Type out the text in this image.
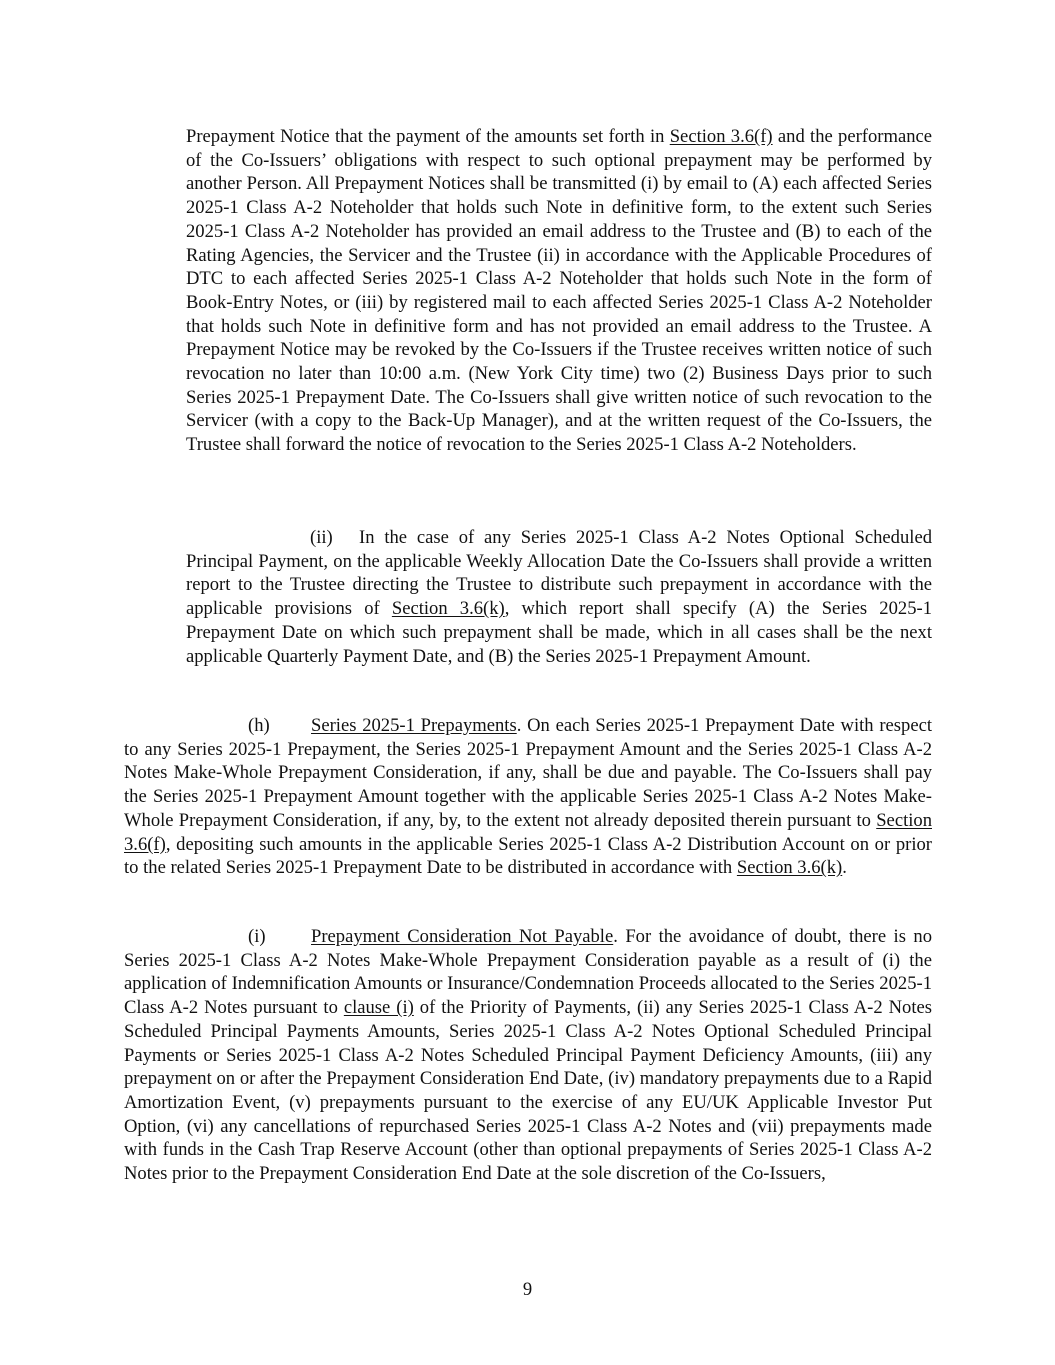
Prepayment Notice that the payment of the amounts set forth in Section 3.6(f) and the performance of the Co-Issuers’ obligations with respect to such optional prepayment may be performed by another Person. All Prepayment Notices shall be transmitted (i) by email to (A) each affected Series 2025-1 Class A-2 Noteholder that holds such Note in definitive form, to the extent such Series 2025-1 Class A-2 Noteholder has provided an email address to the Trustee and (B) to each of the Rating Agencies, the Servicer and the Trustee (ii) in accordance with the Applicable Procedures of DTC to each affected Series 2025-1 Class A-2 Noteholder that holds such Note in the form of Book-Entry Notes, or (iii) by registered mail to each affected Series 2025-1 Class A-2 Noteholder that holds such Note in definitive form and has not provided an email address to the Trustee. A Prepayment Notice may be revoked by the Co-Issuers if the Trustee receives written notice of such revocation no later than 10:00 a.m. (New York City time) two (2) Business Days prior to such Series 2025-1 Prepayment Date. The Co-Issuers shall give written notice of such revocation to the Servicer (with a copy to the Back-Up Manager), and at the written request of the Co-Issuers, the Trustee shall forward the notice of revocation to the Series 2025-1 Class A-2 Noteholders.

(ii) In the case of any Series 2025-1 Class A-2 Notes Optional Scheduled Principal Payment, on the applicable Weekly Allocation Date the Co-Issuers shall provide a written report to the Trustee directing the Trustee to distribute such prepayment in accordance with the applicable provisions of Section 3.6(k), which report shall specify (A) the Series 2025-1 Prepayment Date on which such prepayment shall be made, which in all cases shall be the next applicable Quarterly Payment Date, and (B) the Series 2025-1 Prepayment Amount.

(h) Series 2025-1 Prepayments. On each Series 2025-1 Prepayment Date with respect to any Series 2025-1 Prepayment, the Series 2025-1 Prepayment Amount and the Series 2025-1 Class A-2 Notes Make-Whole Prepayment Consideration, if any, shall be due and payable. The Co-Issuers shall pay the Series 2025-1 Prepayment Amount together with the applicable Series 2025-1 Class A-2 Notes Make-Whole Prepayment Consideration, if any, by, to the extent not already deposited therein pursuant to Section 3.6(f), depositing such amounts in the applicable Series 2025-1 Class A-2 Distribution Account on or prior to the related Series 2025-1 Prepayment Date to be distributed in accordance with Section 3.6(k).

(i) Prepayment Consideration Not Payable. For the avoidance of doubt, there is no Series 2025-1 Class A-2 Notes Make-Whole Prepayment Consideration payable as a result of (i) the application of Indemnification Amounts or Insurance/Condemnation Proceeds allocated to the Series 2025-1 Class A-2 Notes pursuant to clause (i) of the Priority of Payments, (ii) any Series 2025-1 Class A-2 Notes Scheduled Principal Payments Amounts, Series 2025-1 Class A-2 Notes Optional Scheduled Principal Payments or Series 2025-1 Class A-2 Notes Scheduled Principal Payment Deficiency Amounts, (iii) any prepayment on or after the Prepayment Consideration End Date, (iv) mandatory prepayments due to a Rapid Amortization Event, (v) prepayments pursuant to the exercise of any EU/UK Applicable Investor Put Option, (vi) any cancellations of repurchased Series 2025-1 Class A-2 Notes and (vii) prepayments made with funds in the Cash Trap Reserve Account (other than optional prepayments of Series 2025-1 Class A-2 Notes prior to the Prepayment Consideration End Date at the sole discretion of the Co-Issuers,

9
